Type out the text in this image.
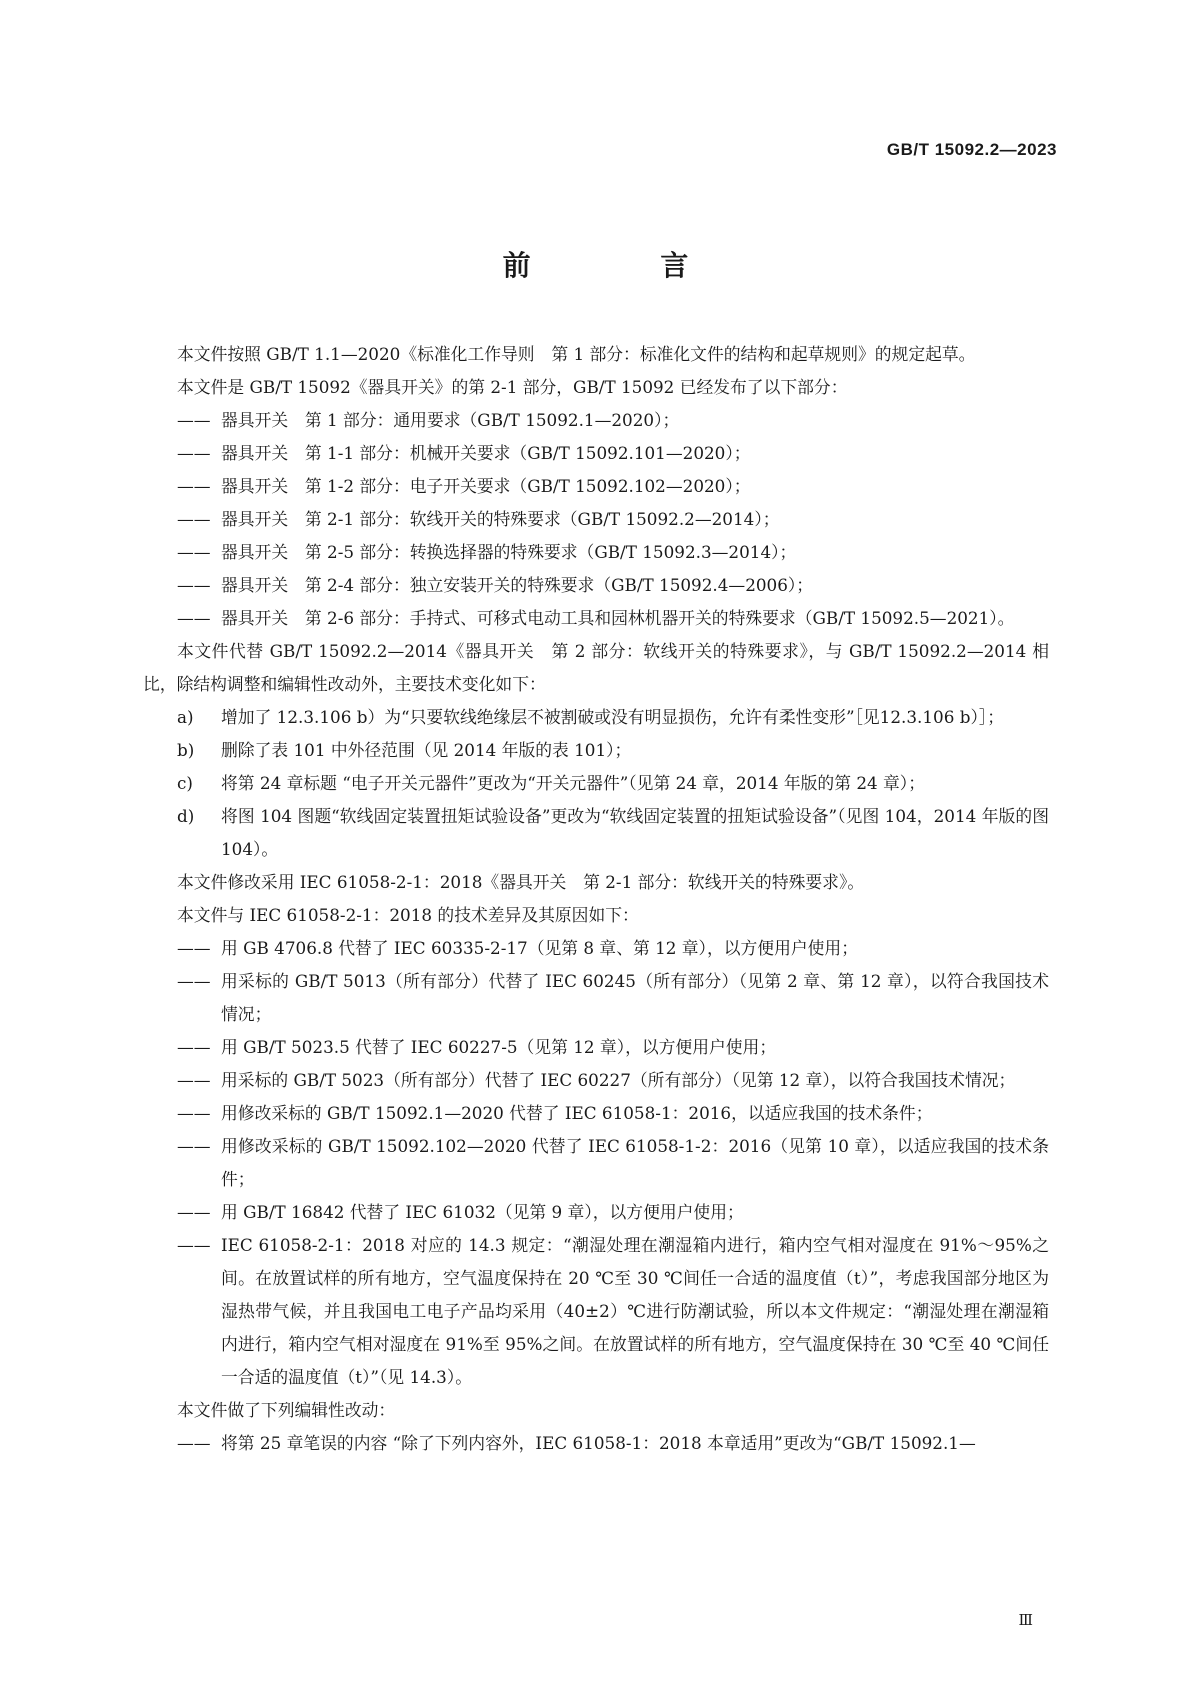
GB/T 15092.2—2023
前 言

本文件按照 GB/T 1.1—2020《标准化工作导则　第 1 部分：标准化文件的结构和起草规则》的规定起草。

本文件是 GB/T 15092《器具开关》的第 2-1 部分，GB/T 15092 已经发布了以下部分：

—— 器具开关　第 1 部分：通用要求（GB/T 15092.1—2020）；

—— 器具开关　第 1-1 部分：机械开关要求（GB/T 15092.101—2020）；

—— 器具开关　第 1-2 部分：电子开关要求（GB/T 15092.102—2020）；

—— 器具开关　第 2-1 部分：软线开关的特殊要求（GB/T 15092.2—2014）；

—— 器具开关　第 2-5 部分：转换选择器的特殊要求（GB/T 15092.3—2014）；

—— 器具开关　第 2-4 部分：独立安装开关的特殊要求（GB/T 15092.4—2006）；

—— 器具开关　第 2-6 部分：手持式、可移式电动工具和园林机器开关的特殊要求（GB/T 15092.5—2021）。

本文件代替 GB/T 15092.2—2014《器具开关　第 2 部分：软线开关的特殊要求》，与 GB/T 15092.2—2014 相比，除结构调整和编辑性改动外，主要技术变化如下：

a)	增加了 12.3.106 b）为“只要软线绝缘层不被割破或没有明显损伤，允许有柔性变形”［见12.3.106 b）］；

b)	删除了表 101 中外径范围（见 2014 年版的表 101）；

c)	将第 24 章标题 “电子开关元器件”更改为“开关元器件”（见第 24 章，2014 年版的第 24 章）；

d)	将图 104 图题“软线固定装置扭矩试验设备”更改为“软线固定装置的扭矩试验设备”（见图 104，2014 年版的图 104）。

本文件修改采用 IEC 61058-2-1：2018《器具开关　第 2-1 部分：软线开关的特殊要求》。

本文件与 IEC 61058-2-1：2018 的技术差异及其原因如下：

—— 用 GB 4706.8 代替了 IEC 60335-2-17（见第 8 章、第 12 章），以方便用户使用；

—— 用采标的 GB/T 5013（所有部分）代替了 IEC 60245（所有部分）（见第 2 章、第 12 章），以符合我国技术情况；

—— 用 GB/T 5023.5 代替了 IEC 60227-5（见第 12 章），以方便用户使用；

—— 用采标的 GB/T 5023（所有部分）代替了 IEC 60227（所有部分）（见第 12 章），以符合我国技术情况；

—— 用修改采标的 GB/T 15092.1—2020 代替了 IEC 61058-1：2016，以适应我国的技术条件；

—— 用修改采标的 GB/T 15092.102—2020 代替了 IEC 61058-1-2：2016（见第 10 章），以适应我国的技术条件；

—— 用 GB/T 16842 代替了 IEC 61032（见第 9 章），以方便用户使用；

—— IEC 61058-2-1：2018 对应的 14.3 规定：“潮湿处理在潮湿箱内进行，箱内空气相对湿度在 91%～95%之间。在放置试样的所有地方，空气温度保持在 20 ℃至 30 ℃间任一合适的温度值（t）”，考虑我国部分地区为湿热带气候，并且我国电工电子产品均采用（40±2）℃进行防潮试验，所以本文件规定：“潮湿处理在潮湿箱内进行，箱内空气相对湿度在 91%至 95%之间。在放置试样的所有地方，空气温度保持在 30 ℃至 40 ℃间任一合适的温度值（t）”（见 14.3）。

本文件做了下列编辑性改动：

—— 将第 25 章笔误的内容 “除了下列内容外，IEC 61058-1：2018 本章适用”更改为“GB/T 15092.1—

Ⅲ
